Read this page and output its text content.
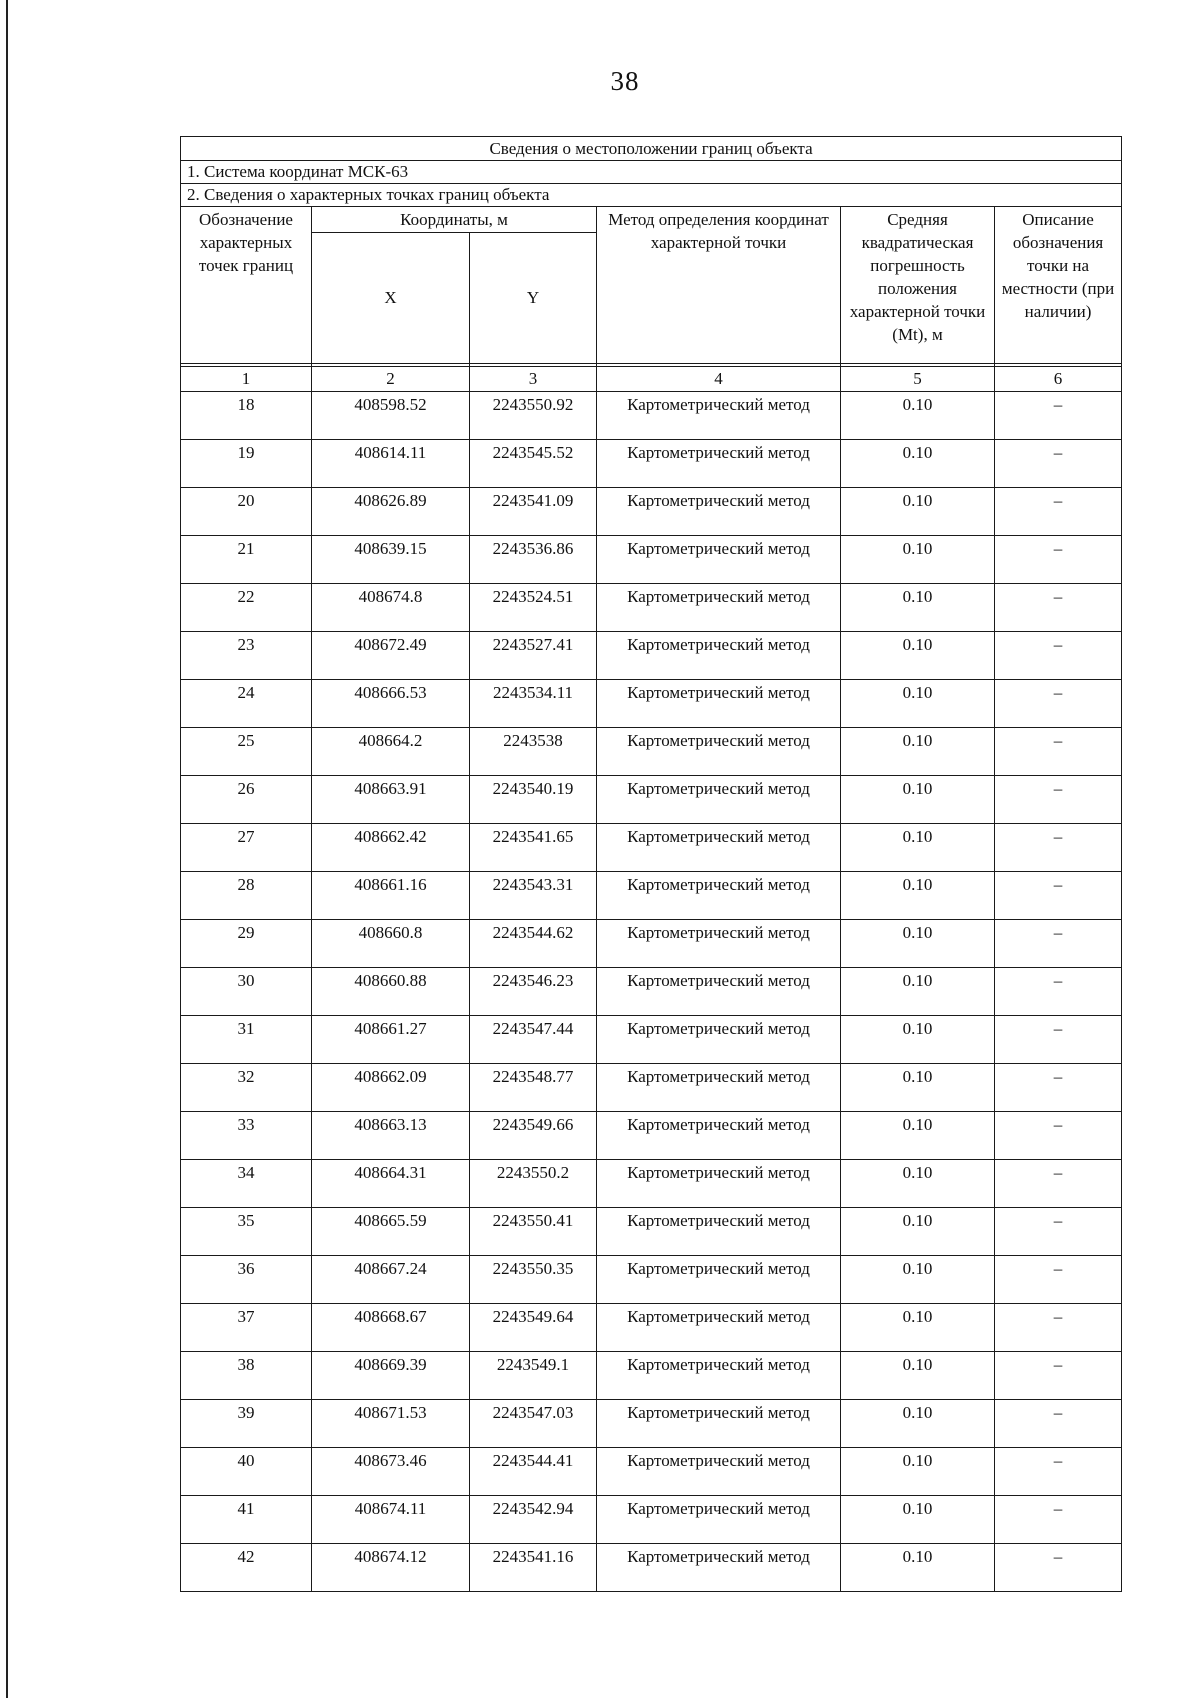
38
Сведения о местоположении границ объекта					
1. Система координат МСК-63					
2. Сведения о характерных точках границ объекта					
Обозначение характерных точек границ	Координаты, м		Метод определения координат характерной точки	Средняя квадратическая погрешность положения характерной точки (Mt), м	Описание обозначения точки на местности (при наличии)
	X	Y			

1	2	3	4	5	6
18	408598.52	2243550.92	Картометрический метод	0.10	–
19	408614.11	2243545.52	Картометрический метод	0.10	–
20	408626.89	2243541.09	Картометрический метод	0.10	–
21	408639.15	2243536.86	Картометрический метод	0.10	–
22	408674.8	2243524.51	Картометрический метод	0.10	–
23	408672.49	2243527.41	Картометрический метод	0.10	–
24	408666.53	2243534.11	Картометрический метод	0.10	–
25	408664.2	2243538	Картометрический метод	0.10	–
26	408663.91	2243540.19	Картометрический метод	0.10	–
27	408662.42	2243541.65	Картометрический метод	0.10	–
28	408661.16	2243543.31	Картометрический метод	0.10	–
29	408660.8	2243544.62	Картометрический метод	0.10	–
30	408660.88	2243546.23	Картометрический метод	0.10	–
31	408661.27	2243547.44	Картометрический метод	0.10	–
32	408662.09	2243548.77	Картометрический метод	0.10	–
33	408663.13	2243549.66	Картометрический метод	0.10	–
34	408664.31	2243550.2	Картометрический метод	0.10	–
35	408665.59	2243550.41	Картометрический метод	0.10	–
36	408667.24	2243550.35	Картометрический метод	0.10	–
37	408668.67	2243549.64	Картометрический метод	0.10	–
38	408669.39	2243549.1	Картометрический метод	0.10	–
39	408671.53	2243547.03	Картометрический метод	0.10	–
40	408673.46	2243544.41	Картометрический метод	0.10	–
41	408674.11	2243542.94	Картометрический метод	0.10	–
42	408674.12	2243541.16	Картометрический метод	0.10	–
